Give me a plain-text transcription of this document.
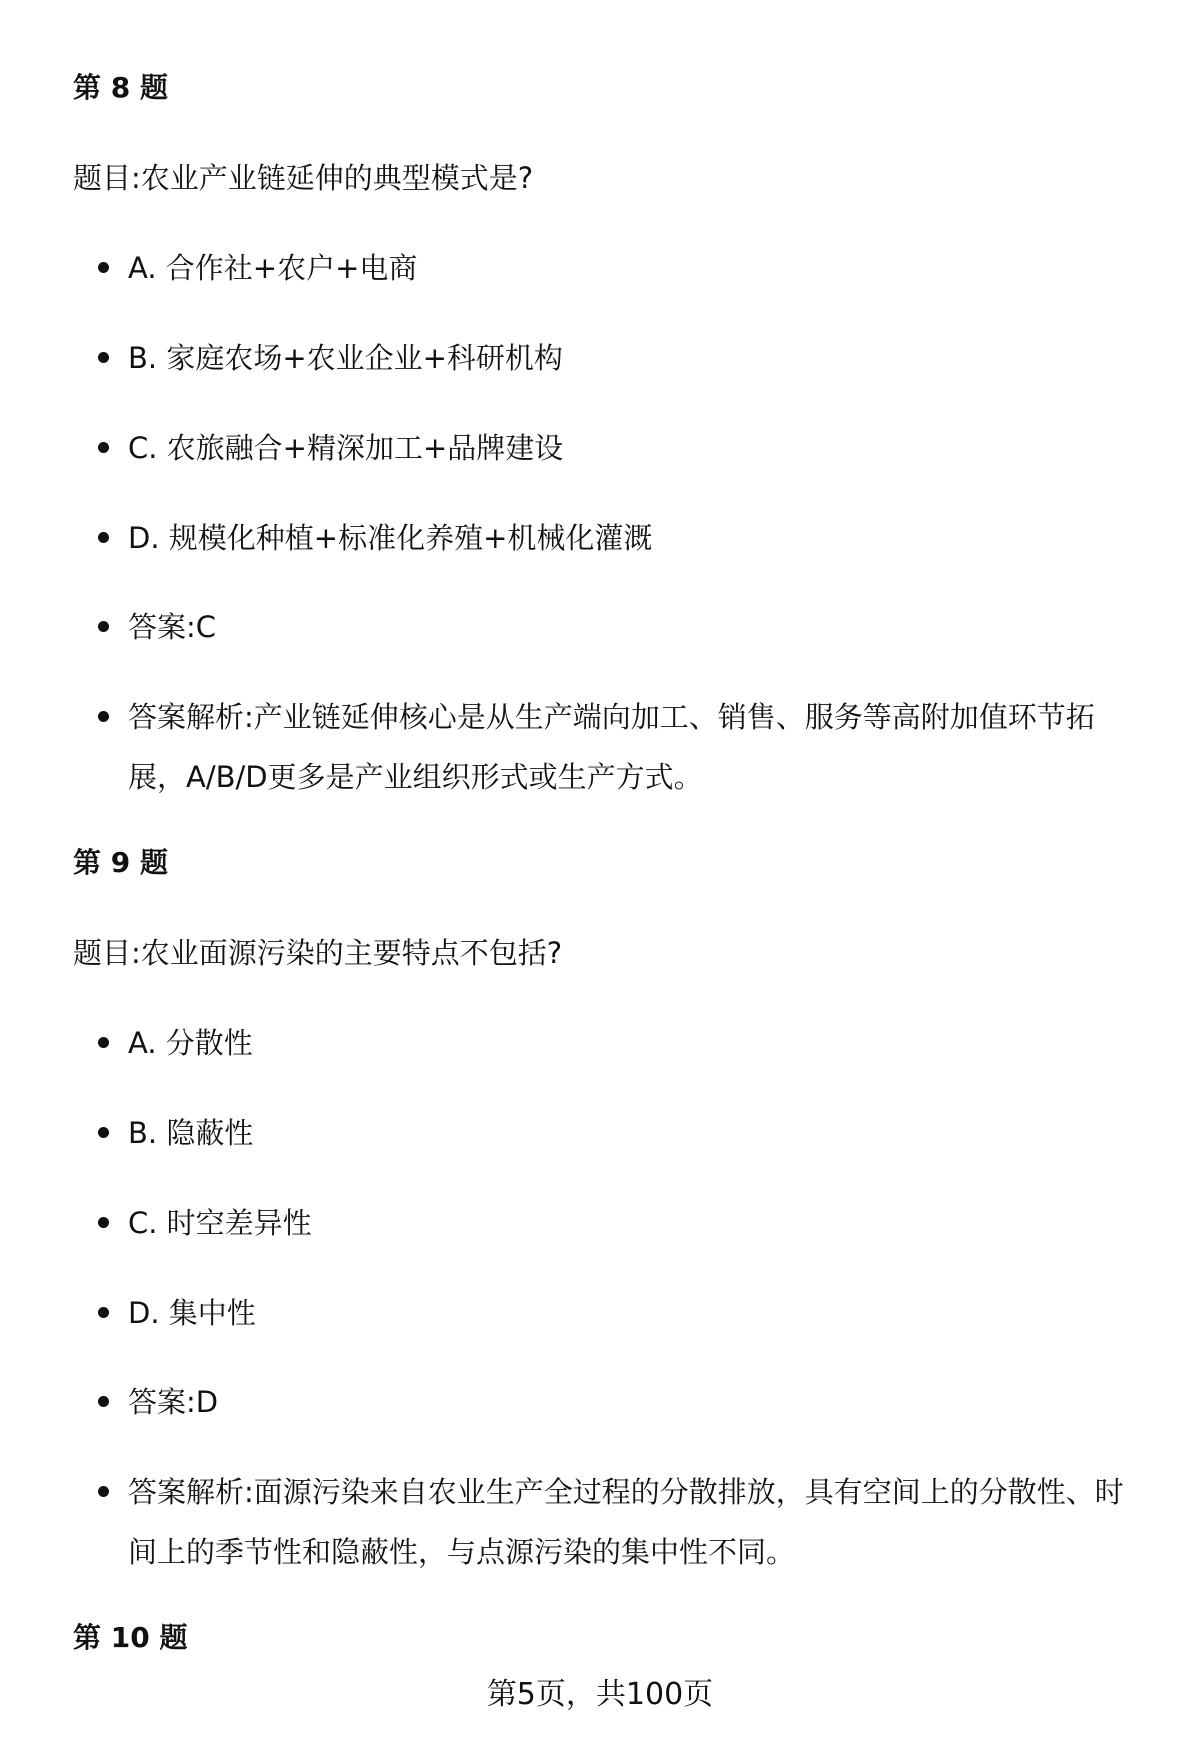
第 8 题

题目:农业产业链延伸的典型模式是?

A. 合作社+农户+电商
B. 家庭农场+农业企业+科研机构
C. 农旅融合+精深加工+品牌建设
D. 规模化种植+标准化养殖+机械化灌溉
答案:C
答案解析:产业链延伸核心是从生产端向加工、销售、服务等高附加值环节拓展，A/B/D更多是产业组织形式或生产方式。
第 9 题

题目:农业面源污染的主要特点不包括?

A. 分散性
B. 隐蔽性
C. 时空差异性
D. 集中性
答案:D
答案解析:面源污染来自农业生产全过程的分散排放，具有空间上的分散性、时间上的季节性和隐蔽性，与点源污染的集中性不同。
第 10 题
第5页，共100页
